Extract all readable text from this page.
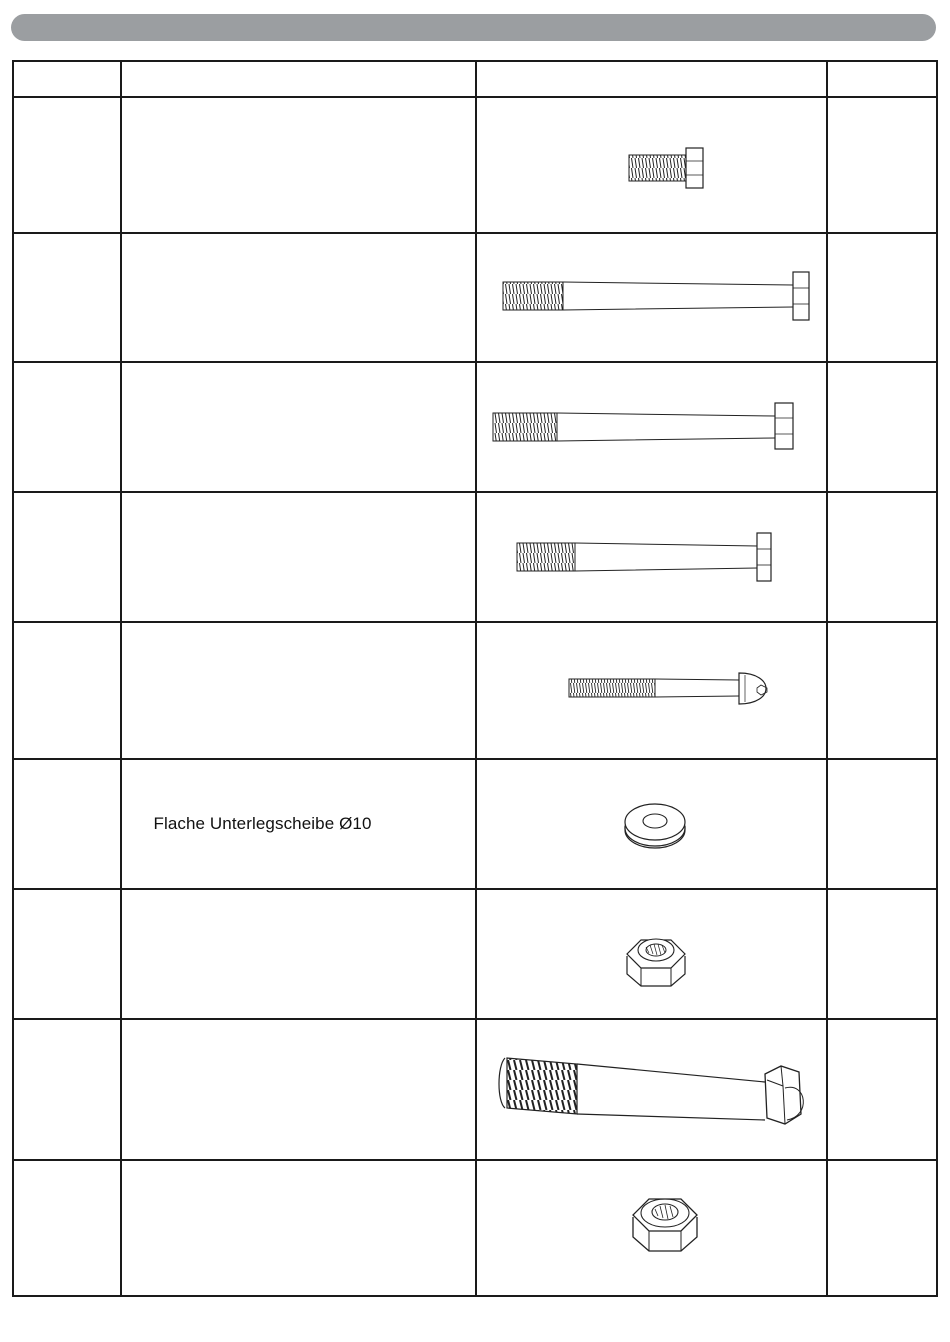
	Flache Unterlegscheibe Ø10	
